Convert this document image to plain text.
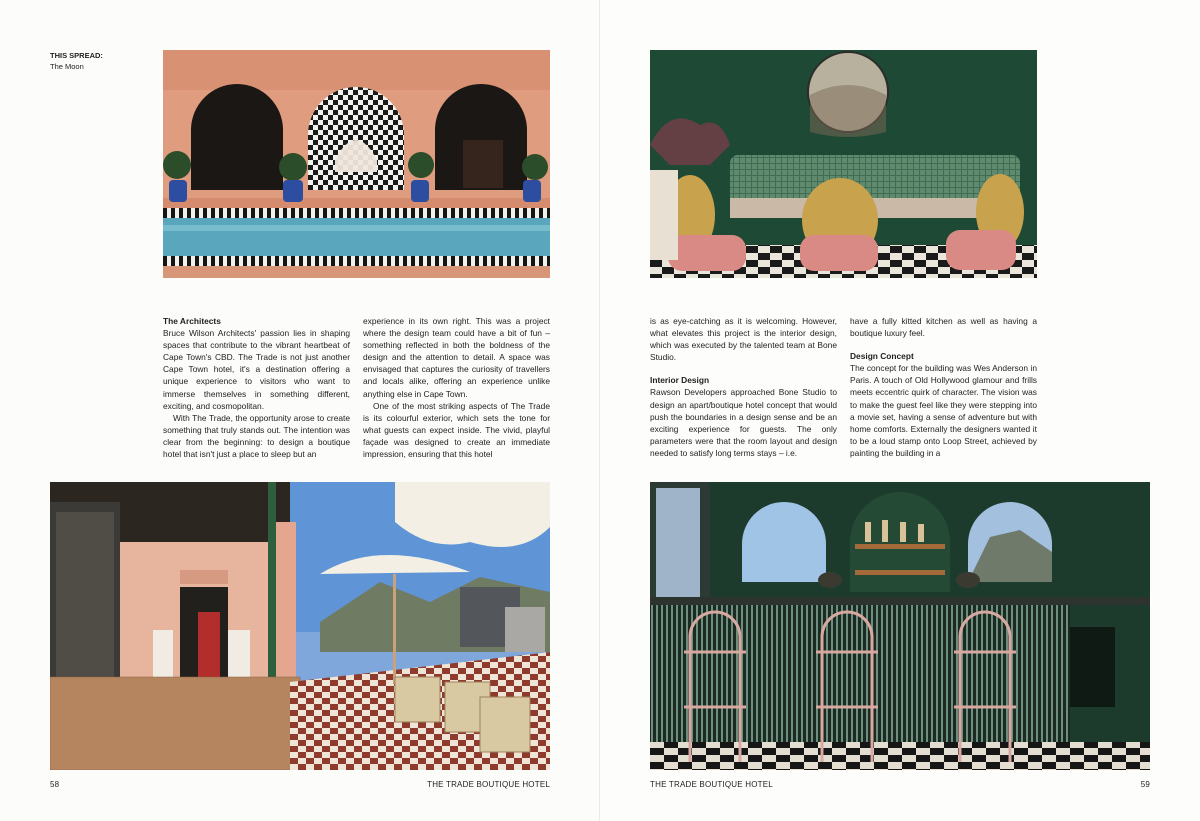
THIS SPREAD:
The Moon
The Architects

Bruce Wilson Architects' passion lies in shaping spaces that contribute to the vibrant heartbeat of Cape Town's CBD. The Trade is not just another Cape Town hotel, it's a destination offering a unique experience to visitors who want to immerse themselves in something different, exciting, and cosmopolitan.

With The Trade, the opportunity arose to create something that truly stands out. The intention was clear from the beginning: to design a boutique hotel that isn't just a place to sleep but an

experience in its own right. This was a project where the design team could have a bit of fun – something reflected in both the boldness of the design and the attention to detail. A space was envisaged that captures the curiosity of travellers and locals alike, offering an experience unlike anything else in Cape Town.

One of the most striking aspects of The Trade is its colourful exterior, which sets the tone for what guests can expect inside. The vivid, playful façade was designed to create an immediate impression, ensuring that this hotel

58	THE TRADE BOUTIQUE HOTEL

is as eye-catching as it is welcoming. However, what elevates this project is the interior design, which was executed by the talented team at Bone Studio.

Interior Design

Rawson Developers approached Bone Studio to design an apart/boutique hotel concept that would push the boundaries in a design sense and be an exciting experience for guests. The only parameters were that the room layout and design needed to satisfy long terms stays – i.e.

have a fully kitted kitchen as well as having a boutique luxury feel.

Design Concept

The concept for the building was Wes Anderson in Paris. A touch of Old Hollywood glamour and frills meets eccentric quirk of character. The vision was to make the guest feel like they were stepping into a movie set, having a sense of adventure but with home comforts. Externally the designers wanted it to be a loud stamp onto Loop Street, achieved by painting the building in a

THE TRADE BOUTIQUE HOTEL	59
